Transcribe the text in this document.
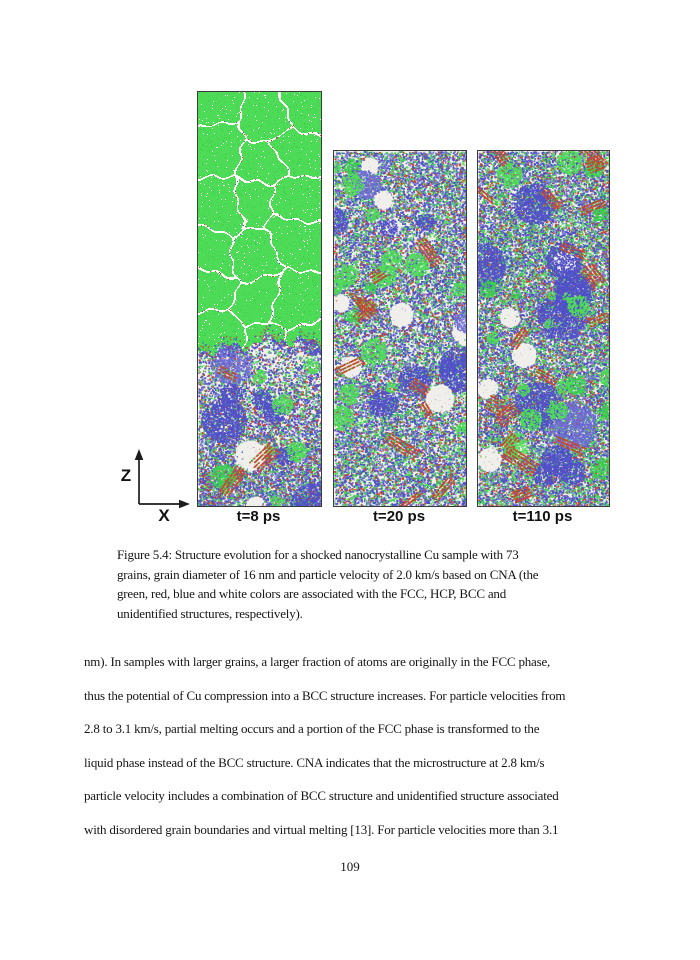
Z
X	t=8 ps	t=20 ps	t=110 ps
Figure 5.4: Structure evolution for a shocked nanocrystalline Cu sample with 73
grains, grain diameter of 16 nm and particle velocity of 2.0 km/s based on CNA (the
green, red, blue and white colors are associated with the FCC, HCP, BCC and
unidentified structures, respectively).
nm). In samples with larger grains, a larger fraction of atoms are originally in the FCC phase,
thus the potential of Cu compression into a BCC structure increases. For particle velocities from
2.8 to 3.1 km/s, partial melting occurs and a portion of the FCC phase is transformed to the
liquid phase instead of the BCC structure. CNA indicates that the microstructure at 2.8 km/s
particle velocity includes a combination of BCC structure and unidentified structure associated
with disordered grain boundaries and virtual melting [13]. For particle velocities more than 3.1
109
